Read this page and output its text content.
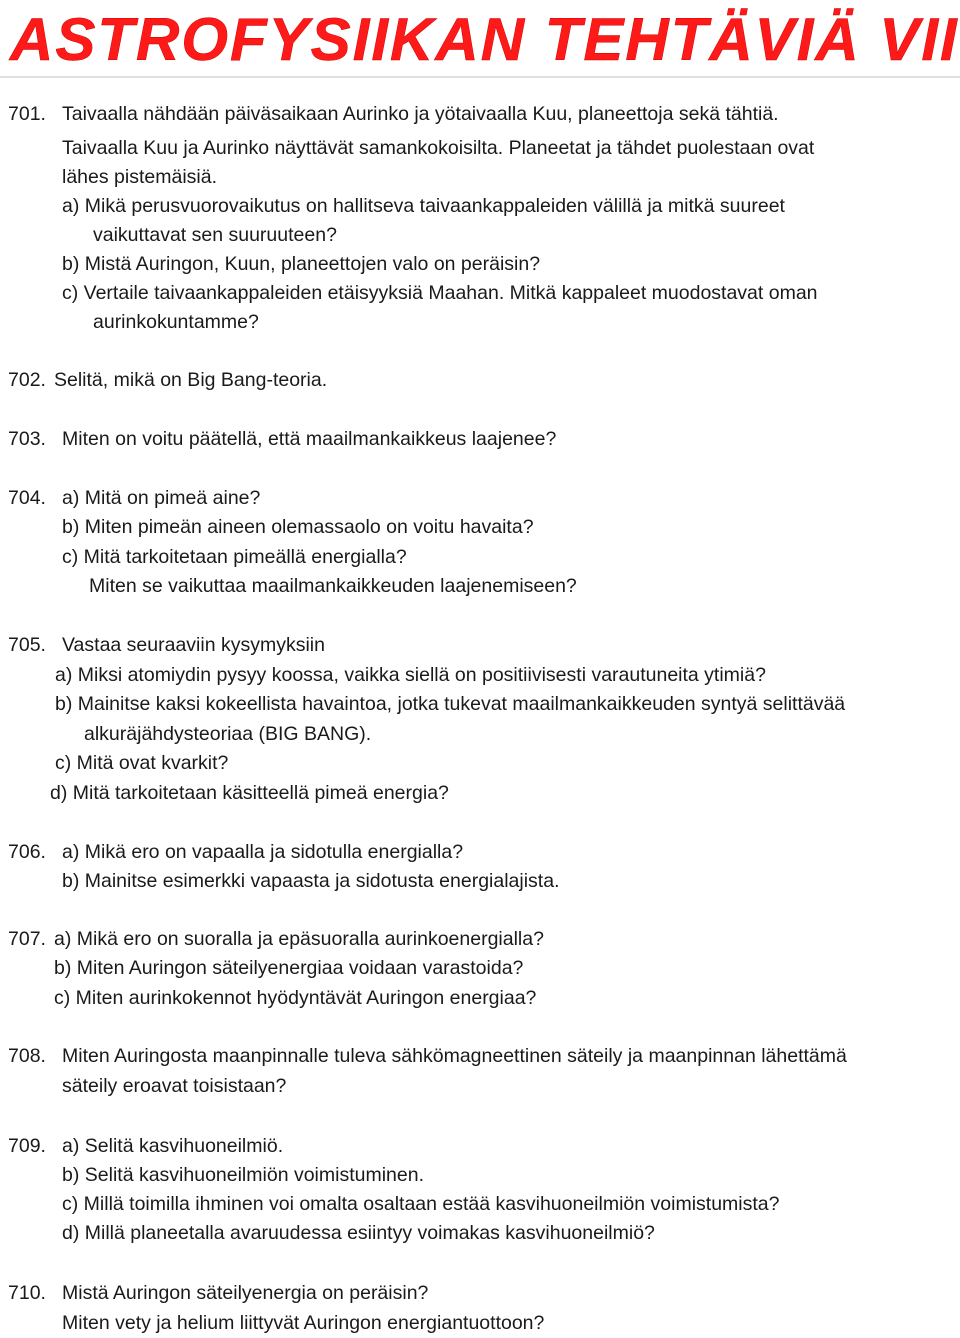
ASTROFYSIIKAN TEHTÄVIÄ VII
701. Taivaalla nähdään päiväsaikaan Aurinko ja yötaivaalla Kuu, planeettoja sekä tähtiä.
Taivaalla Kuu ja Aurinko näyttävät samankokoisilta. Planeetat ja tähdet puolestaan ovat
lähes pistemäisiä.
a) Mikä perusvuorovaikutus on hallitseva taivaankappaleiden välillä ja mitkä suureet
vaikuttavat sen suuruuteen?
b) Mistä Auringon, Kuun, planeettojen valo on peräisin?
c) Vertaile taivaankappaleiden etäisyyksiä Maahan. Mitkä kappaleet muodostavat oman
aurinkokuntamme?
702. Selitä, mikä on Big Bang-teoria.
703. Miten on voitu päätellä, että maailmankaikkeus laajenee?
704. a) Mitä on pimeä aine?
b) Miten pimeän aineen olemassaolo on voitu havaita?
c) Mitä tarkoitetaan pimeällä energialla?
Miten se vaikuttaa maailmankaikkeuden laajenemiseen?
705. Vastaa seuraaviin kysymyksiin
a) Miksi atomiydin pysyy koossa, vaikka siellä on positiivisesti varautuneita ytimiä?
b) Mainitse kaksi kokeellista havaintoa, jotka tukevat maailmankaikkeuden syntyä selittävää
alkuräjähdysteoriaa (BIG BANG).
c) Mitä ovat kvarkit?
d) Mitä tarkoitetaan käsitteellä pimeä energia?
706. a) Mikä ero on vapaalla ja sidotulla energialla?
b) Mainitse esimerkki vapaasta ja sidotusta energialajista.
707. a) Mikä ero on suoralla ja epäsuoralla aurinkoenergialla?
b) Miten Auringon säteilyenergiaa voidaan varastoida?
c) Miten aurinkokennot hyödyntävät Auringon energiaa?
708. Miten Auringosta maanpinnalle tuleva sähkömagneettinen säteily ja maanpinnan lähettämä
säteily eroavat toisistaan?
709. a) Selitä kasvihuoneilmiö.
b) Selitä kasvihuoneilmiön voimistuminen.
c) Millä toimilla ihminen voi omalta osaltaan estää kasvihuoneilmiön voimistumista?
d) Millä planeetalla avaruudessa esiintyy voimakas kasvihuoneilmiö?
710. Mistä Auringon säteilyenergia on peräisin?
Miten vety ja helium liittyvät Auringon energiantuottoon?
